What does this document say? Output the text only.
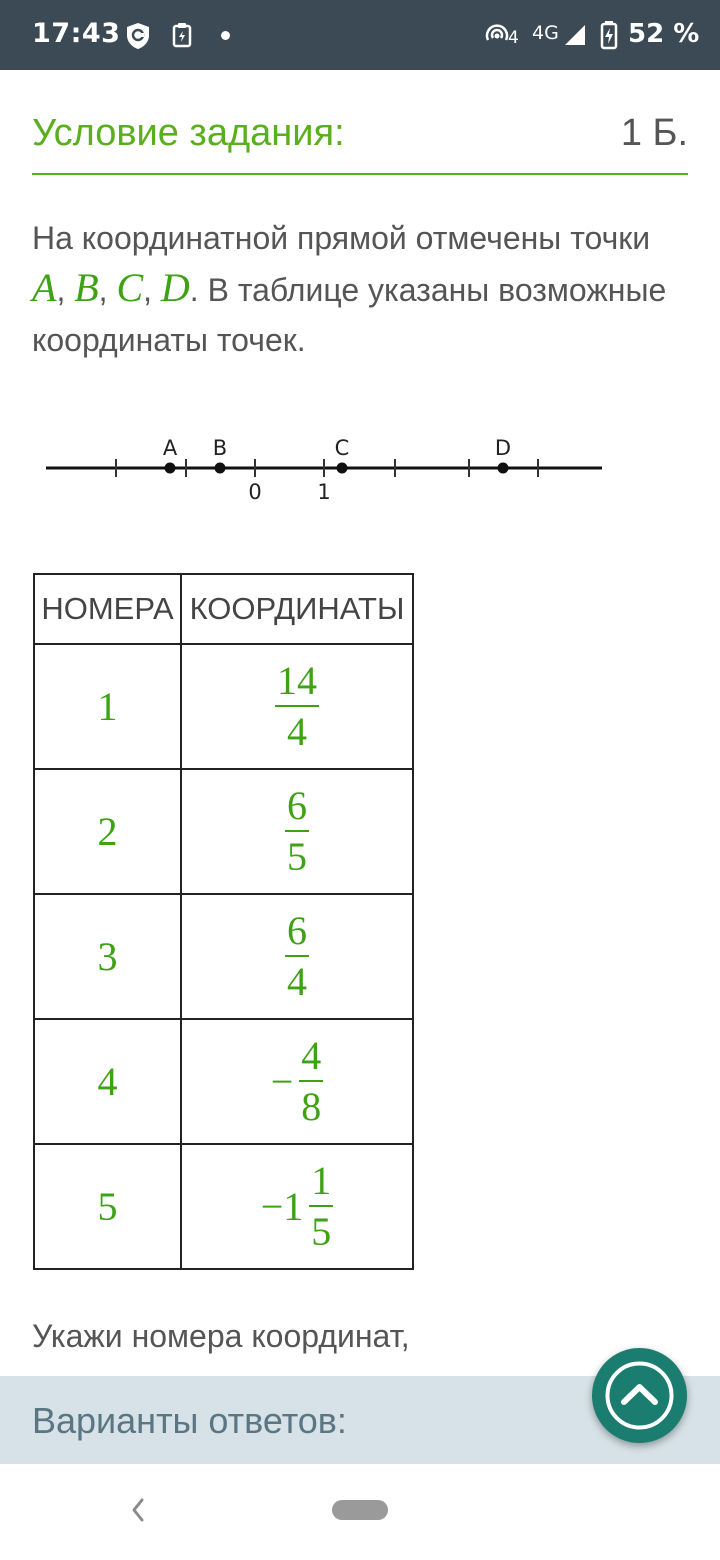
17:43	4 4G	52 %
Условие задания:	1 Б.
На координатной прямой отмечены точки A, B, C, D. В таблице указаны возможные координаты точек.
A B	C	D
0	1
НОМЕРА	КООРДИНАТЫ
1	$\frac{14}{4}$

2	$\frac{6}{5}$

3	$\frac{6}{4}$

4	− $\frac{4}{8}$

5	$-1 \frac{1}{5}$
Укажи номера координат,
Варианты ответов:
